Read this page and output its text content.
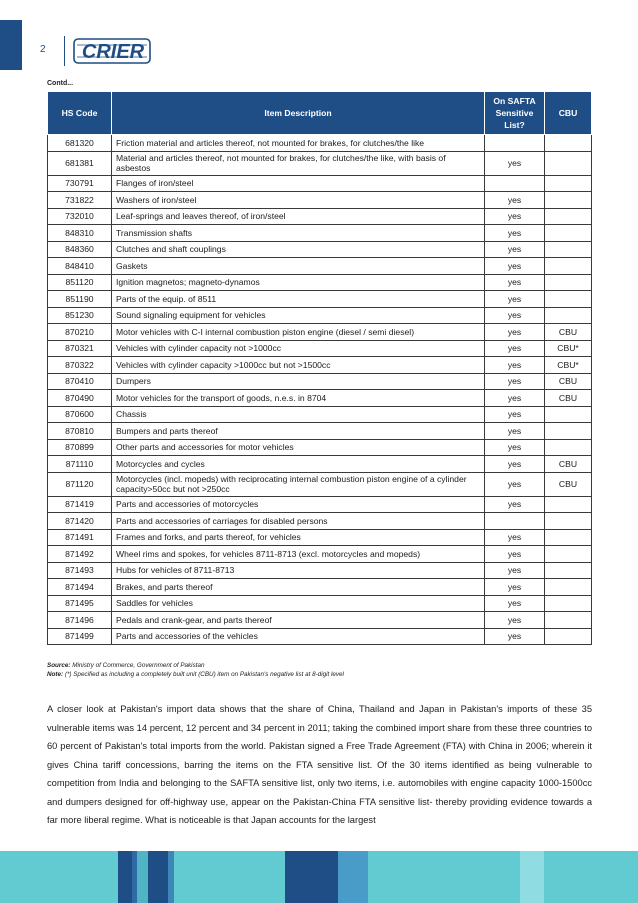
2 CRIER
Contd...
HS Code	Item Description	On SAFTA Sensitive List?	CBU
681320	Friction material and articles thereof, not mounted for brakes, for clutches/the like		
681381	Material and articles thereof, not mounted for brakes, for clutches/the like, with basis of asbestos	yes	
730791	Flanges of iron/steel		
731822	Washers of iron/steel	yes	
732010	Leaf-springs and leaves thereof, of iron/steel	yes	
848310	Transmission shafts	yes	
848360	Clutches and shaft couplings	yes	
848410	Gaskets	yes	
851120	Ignition magnetos; magneto-dynamos	yes	
851190	Parts of the equip. of 8511	yes	
851230	Sound signaling equipment for vehicles	yes	
870210	Motor vehicles with C-I internal combustion piston engine (diesel / semi diesel)	yes	CBU
870321	Vehicles with cylinder capacity not >1000cc	yes	CBU*
870322	Vehicles with cylinder capacity >1000cc but not >1500cc	yes	CBU*
870410	Dumpers	yes	CBU
870490	Motor vehicles for the transport of goods, n.e.s. in 8704	yes	CBU
870600	Chassis	yes	
870810	Bumpers and parts thereof	yes	
870899	Other parts and accessories for motor vehicles	yes	
871110	Motorcycles and cycles	yes	CBU
871120	Motorcycles (incl. mopeds) with reciprocating internal combustion piston engine of a cylinder capacity>50cc but not >250cc	yes	CBU
871419	Parts and accessories of motorcycles	yes	
871420	Parts and accessories of carriages for disabled persons		
871491	Frames and forks, and parts thereof, for vehicles	yes	
871492	Wheel rims and spokes, for vehicles 8711-8713 (excl. motorcycles and mopeds)	yes	
871493	Hubs for vehicles of 8711-8713	yes	
871494	Brakes, and parts thereof	yes	
871495	Saddles for vehicles	yes	
871496	Pedals and crank-gear, and parts thereof	yes	
871499	Parts and accessories of the vehicles	yes	
Source: Ministry of Commerce, Government of Pakistan
Note: (*) Specified as including a completely built unit (CBU) item on Pakistan's negative list at 8-digit level
A closer look at Pakistan's import data shows that the share of China, Thailand and Japan in Pakistan's imports of these 35 vulnerable items was 14 percent, 12 percent and 34 percent in 2011; taking the combined import share from these three countries to 60 percent of Pakistan's total imports from the world. Pakistan signed a Free Trade Agreement (FTA) with China in 2006; wherein it gives China tariff concessions, barring the items on the FTA sensitive list. Of the 30 items identified as being vulnerable to competition from India and belonging to the SAFTA sensitive list, only two items, i.e. automobiles with engine capacity 1000-1500cc and dumpers designed for off-highway use, appear on the Pakistan-China FTA sensitive list- thereby providing evidence towards a far more liberal regime. What is noticeable is that Japan accounts for the largest
